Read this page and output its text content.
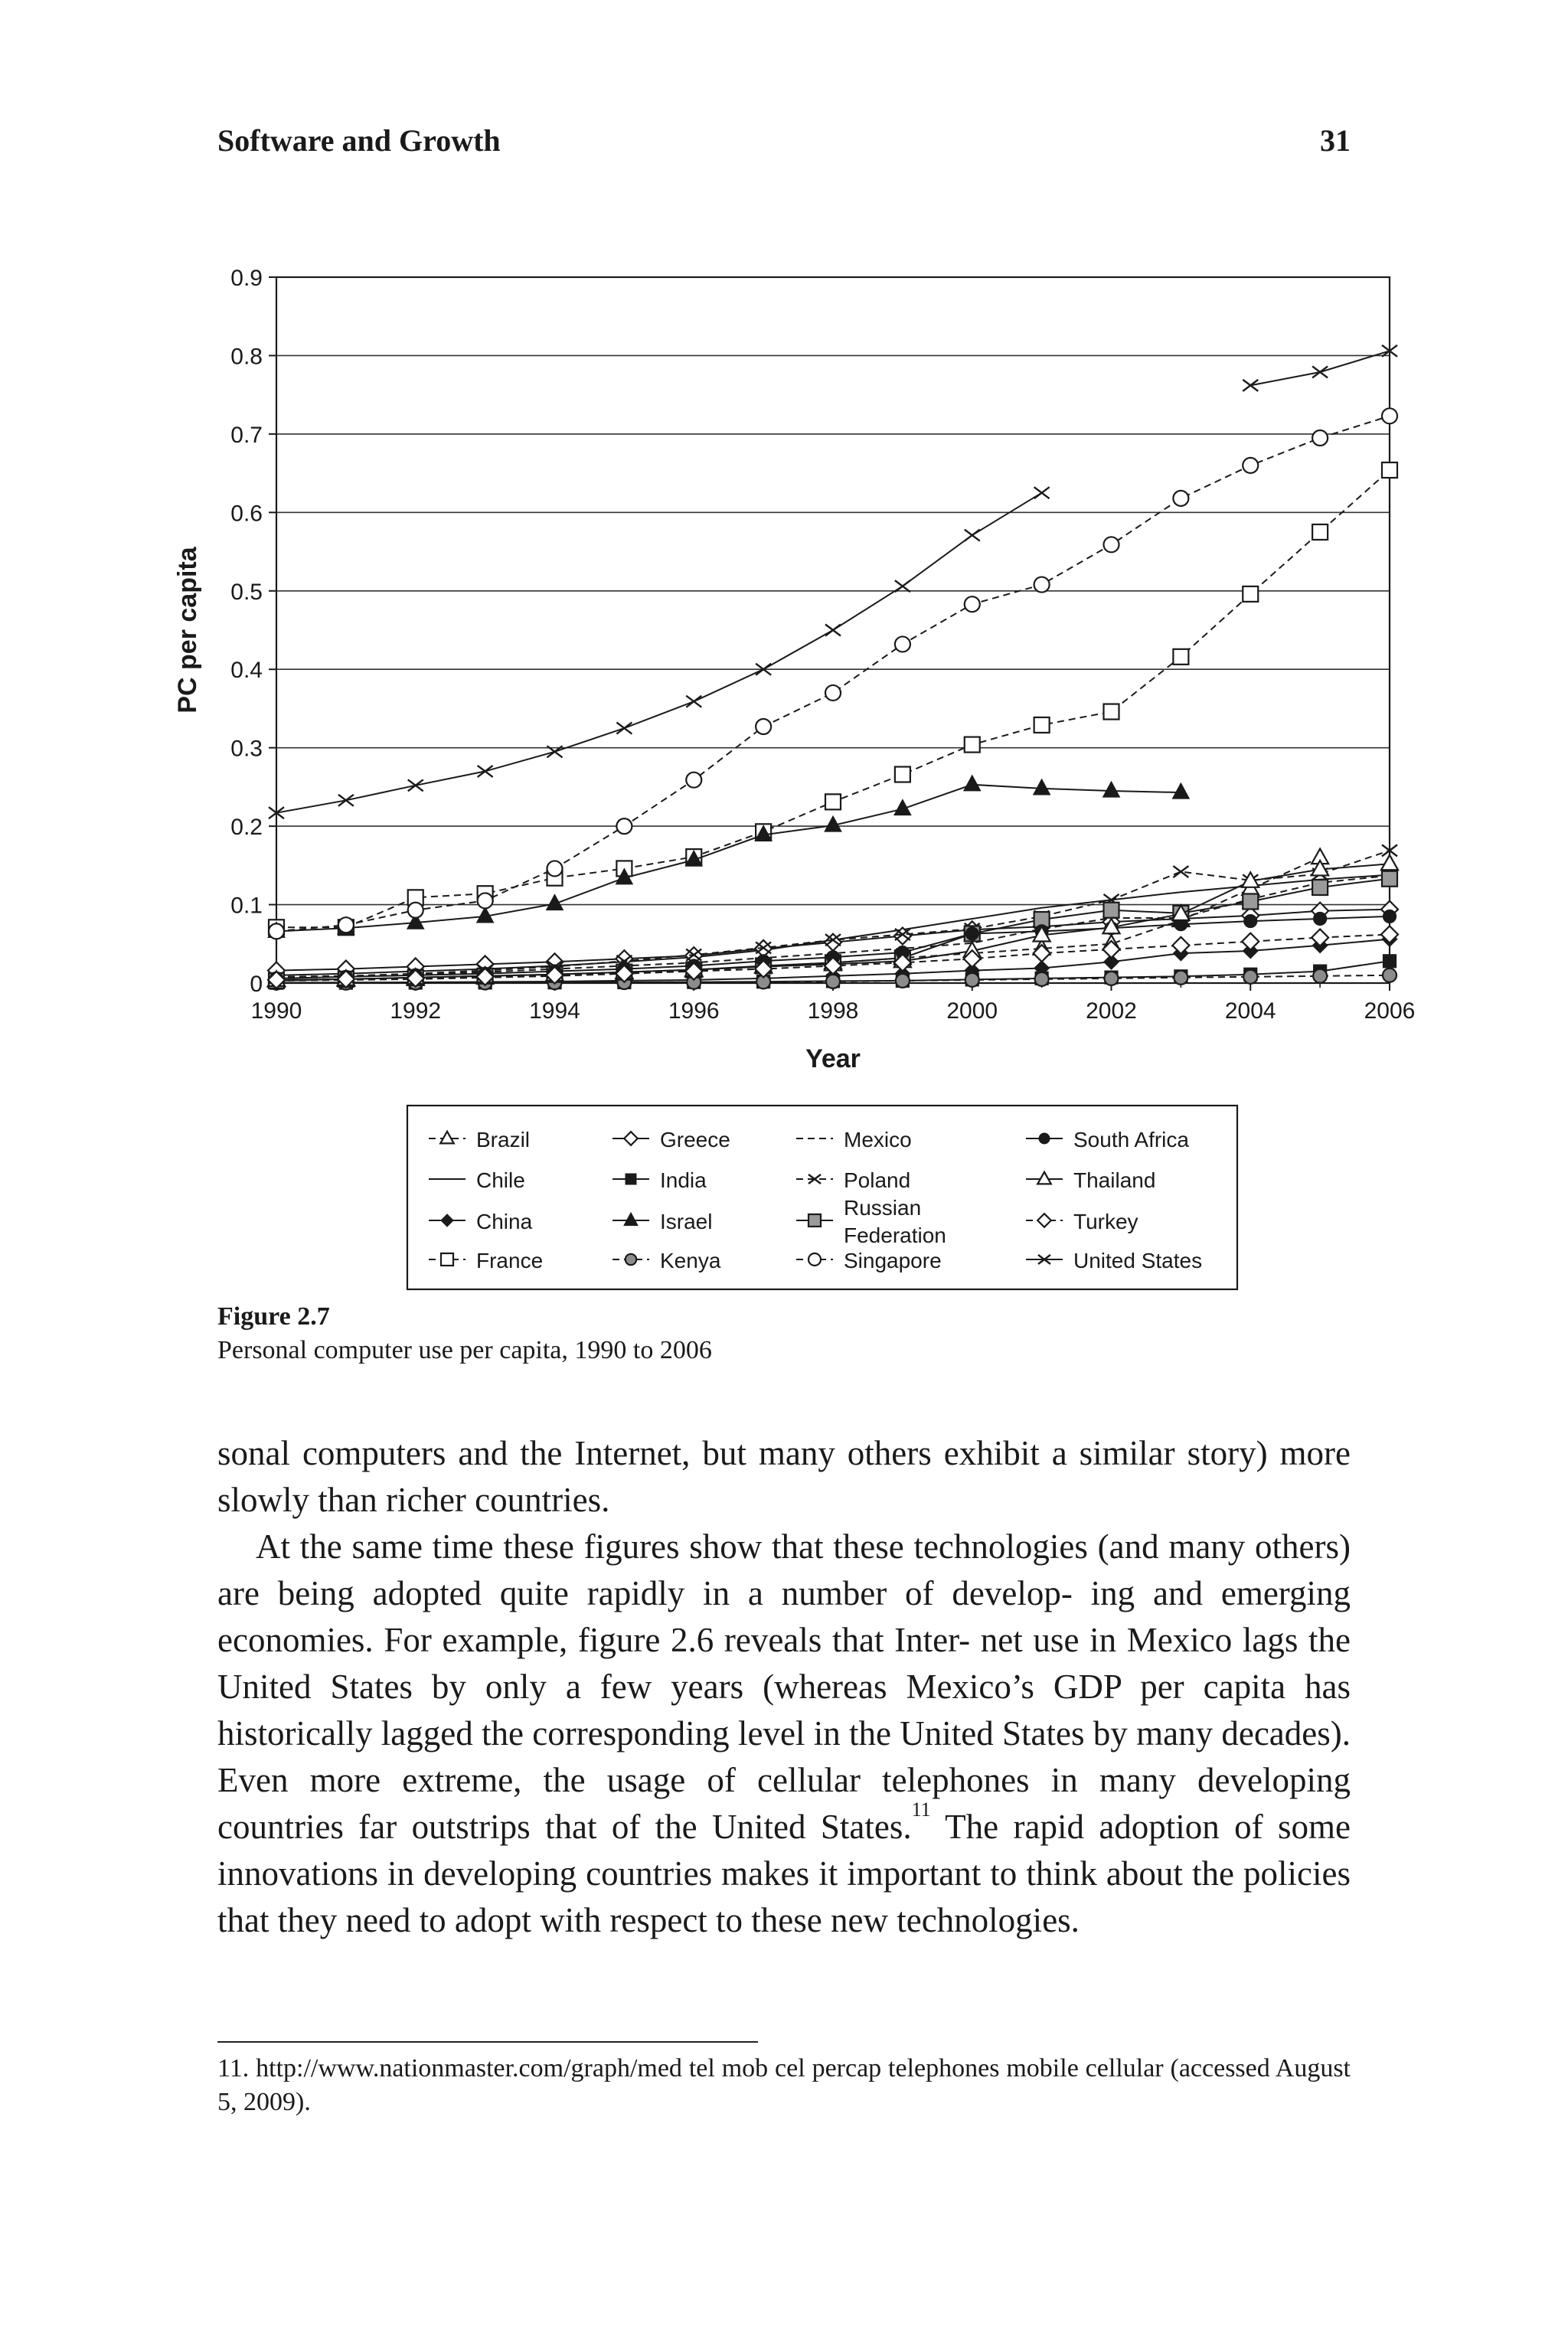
Software and Growth	31
0
0.1
0.2
0.3
0.4
0.5
0.6
0.7
0.8
0.9
1990	1992	1994	1996	1998	2000	2002	2004	2006
Year
PC per capita
Brazil
Chile
China
France
Greece
India
Israel
Kenya
Mexico
Poland
Russian
Federation
Singapore
South Africa
Thailand
Turkey
United States
Figure 2.7
Personal computer use per capita, 1990 to 2006

sonal computers and the Internet, but many others exhibit a similar story) more slowly than richer countries.

At the same time these figures show that these technologies (and many others) are being adopted quite rapidly in a number of develop- ing and emerging economies. For example, figure 2.6 reveals that Inter- net use in Mexico lags the United States by only a few years (whereas Mexico’s GDP per capita has historically lagged the corresponding level in the United States by many decades). Even more extreme, the usage of cellular telephones in many developing countries far outstrips that of the United States.$^{11}$ The rapid adoption of some innovations in developing countries makes it important to think about the policies that they need to adopt with respect to these new technologies.

11. http://www.nationmaster.com/graph/med tel mob cel percap telephones mobile cellular (accessed August 5, 2009).
